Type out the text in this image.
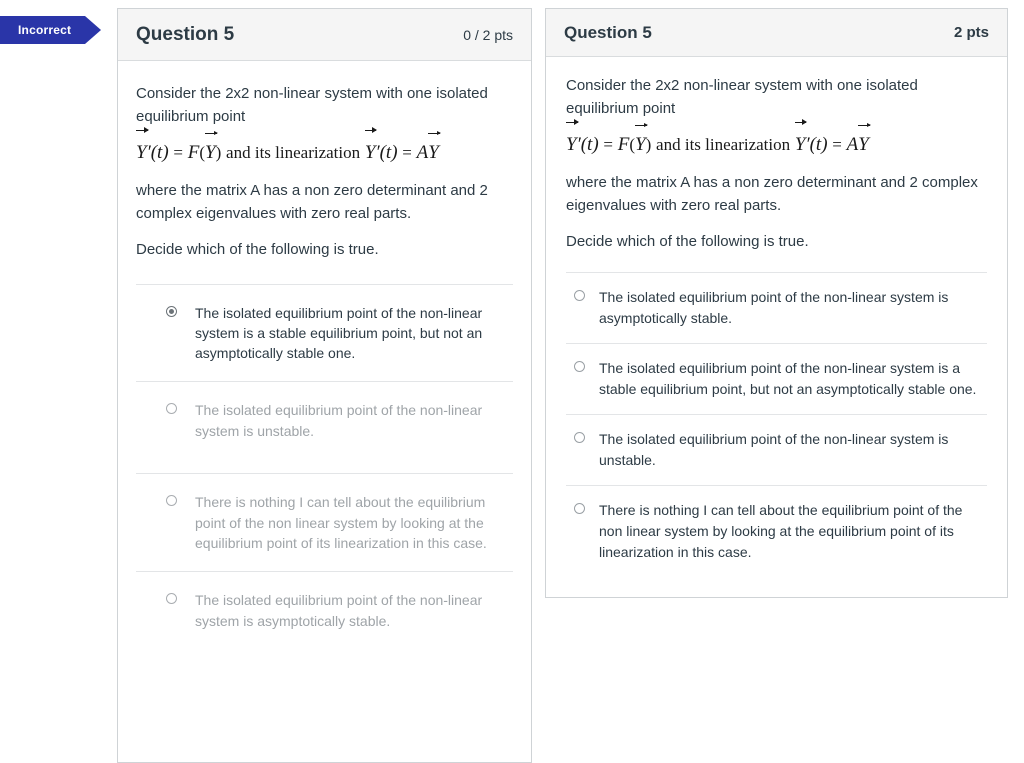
Incorrect	Question 5	0 / 2 pts

Consider the 2x2 non-linear system with one isolated equilibrium point

Y′(t) = F(Y) and its linearization Y′(t) = AY

where the matrix A has a non zero determinant and 2 complex eigenvalues with zero real parts.

Decide which of the following is true.

The isolated equilibrium point of the non-linear system is a stable equilibrium point, but not an asymptotically stable one.
The isolated equilibrium point of the non-linear system is unstable.
There is nothing I can tell about the equilibrium point of the non linear system by looking at the equilibrium point of its linearization in this case.
The isolated equilibrium point of the non-linear system is asymptotically stable.
Question 5	2 pts

Consider the 2x2 non-linear system with one isolated equilibrium point

Y′(t) = F(Y) and its linearization Y′(t) = AY

where the matrix A has a non zero determinant and 2 complex eigenvalues with zero real parts.

Decide which of the following is true.

The isolated equilibrium point of the non-linear system is asymptotically stable.
The isolated equilibrium point of the non-linear system is a stable equilibrium point, but not an asymptotically stable one.
The isolated equilibrium point of the non-linear system is unstable.
There is nothing I can tell about the equilibrium point of the non linear system by looking at the equilibrium point of its linearization in this case.
